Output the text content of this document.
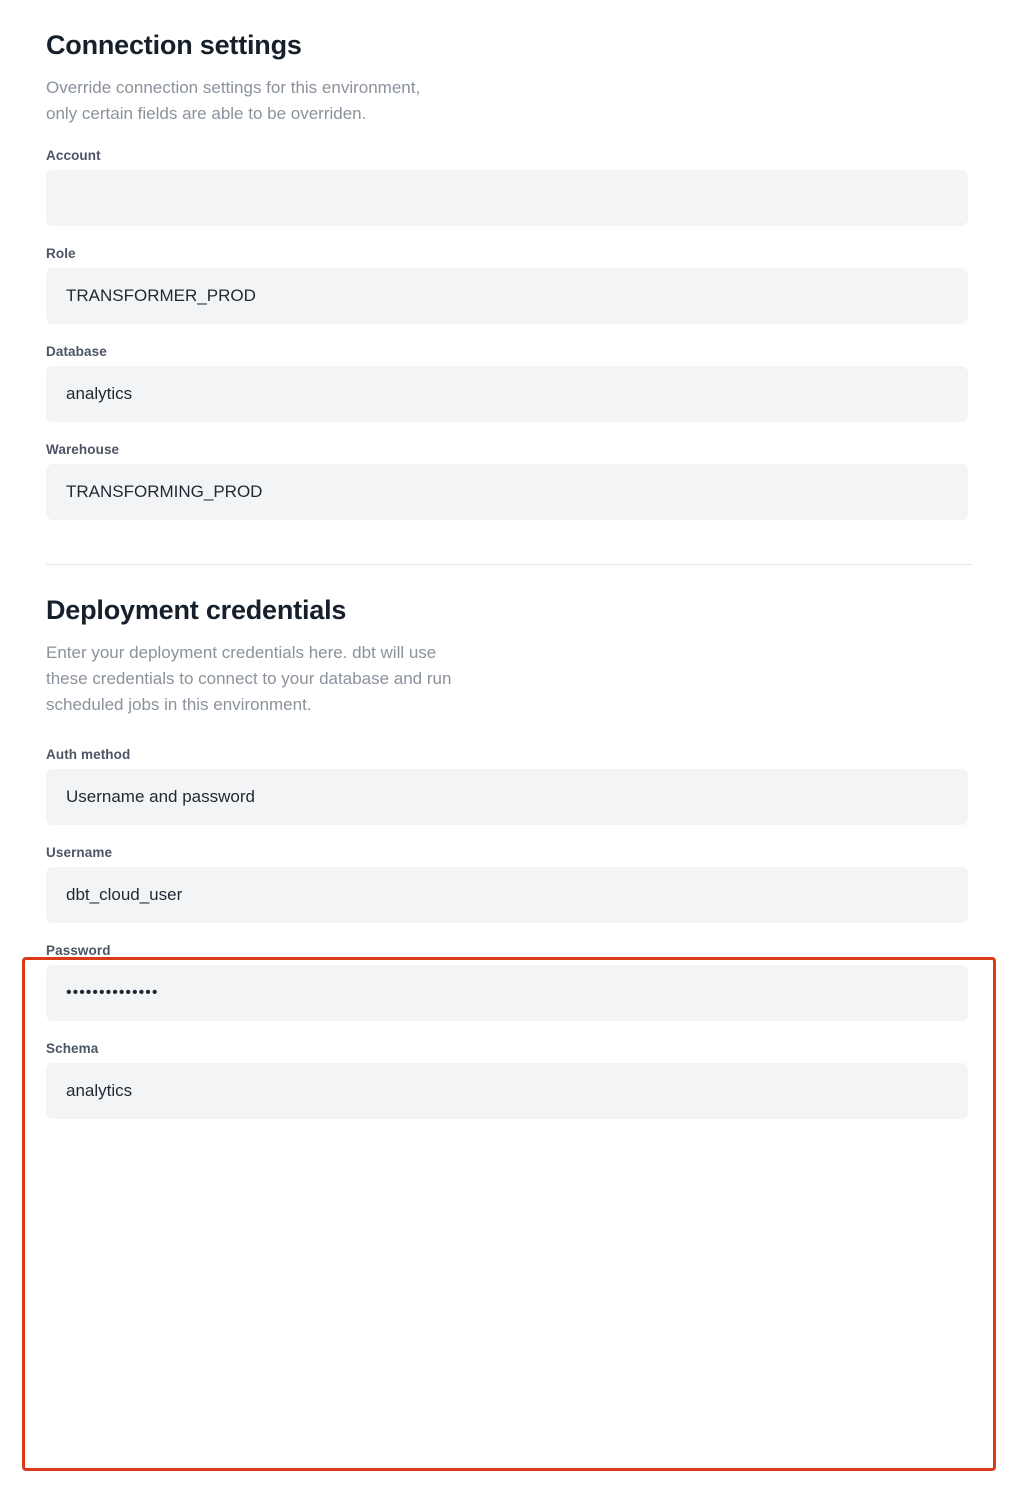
Connection settings

Override connection settings for this environment,
only certain fields are able to be overriden.

Account
Role
TRANSFORMER_PROD
Database
analytics
Warehouse
TRANSFORMING_PROD
Deployment credentials

Enter your deployment credentials here. dbt will use
these credentials to connect to your database and run
scheduled jobs in this environment.

Auth method
Username and password
Username
dbt_cloud_user
Password
••••••••••••••
Schema
analytics
